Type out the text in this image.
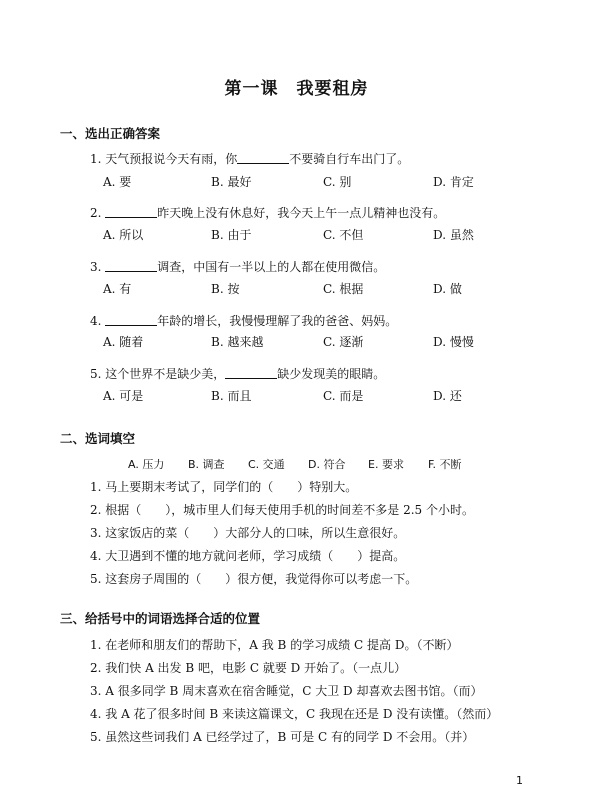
第一课 我要租房
一、选出正确答案
1. 天气预报说今天有雨，你	不要骑自行车出门了。
A. 要	B. 最好	C. 别	D. 肯定
2.	昨天晚上没有休息好，我今天上午一点儿精神也没有。
A. 所以	B. 由于	C. 不但	D. 虽然
3.	调查，中国有一半以上的人都在使用微信。
A. 有	B. 按	C. 根据	D. 做
4.	年龄的增长，我慢慢理解了我的爸爸、妈妈。
A. 随着	B. 越来越	C. 逐渐	D. 慢慢
5. 这个世界不是缺少美，	缺少发现美的眼睛。
A. 可是	B. 而且	C. 而是	D. 还
二、选词填空
A. 压力 B. 调查 C. 交通 D. 符合 E. 要求 F. 不断
1. 马上要期末考试了，同学们的（　　）特别大。
2. 根据（　　），城市里人们每天使用手机的时间差不多是 2.5 个小时。
3. 这家饭店的菜（　　）大部分人的口味，所以生意很好。
4. 大卫遇到不懂的地方就问老师，学习成绩（　　）提高。
5. 这套房子周围的（　　）很方便，我觉得你可以考虑一下。
三、给括号中的词语选择合适的位置
1. 在老师和朋友们的帮助下，A 我 B 的学习成绩 C 提高 D。（不断）
2. 我们快 A 出发 B 吧，电影 C 就要 D 开始了。（一点儿）
3. A 很多同学 B 周末喜欢在宿舍睡觉，C 大卫 D 却喜欢去图书馆。（而）
4. 我 A 花了很多时间 B 来读这篇课文，C 我现在还是 D 没有读懂。（然而）
5. 虽然这些词我们 A 已经学过了，B 可是 C 有的同学 D 不会用。（并）
1
